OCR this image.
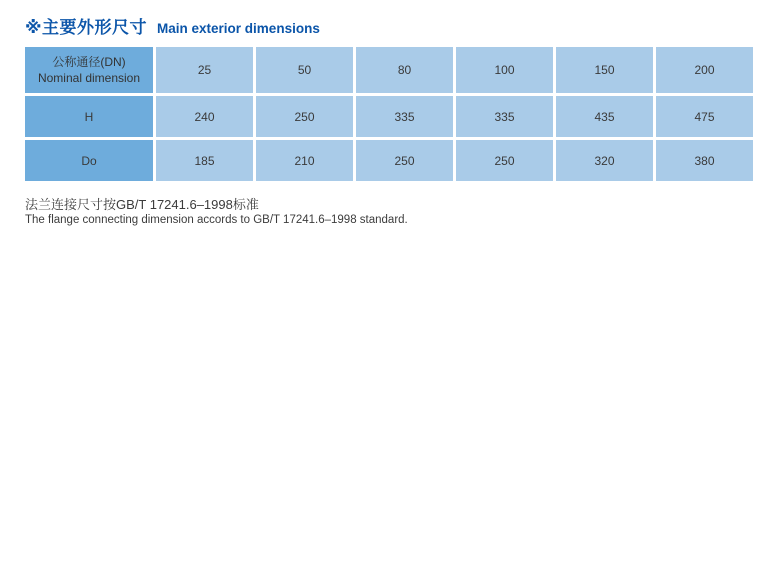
※主要外形尺寸 Main exterior dimensions
公称通径(DN)
Nominal dimension	25	50	80	100	150	200
H	240	250	335	335	435	475
Do	185	210	250	250	320	380
法兰连接尺寸按GB/T 17241.6–1998标准
The flange connecting dimension accords to GB/T 17241.6–1998 standard.
